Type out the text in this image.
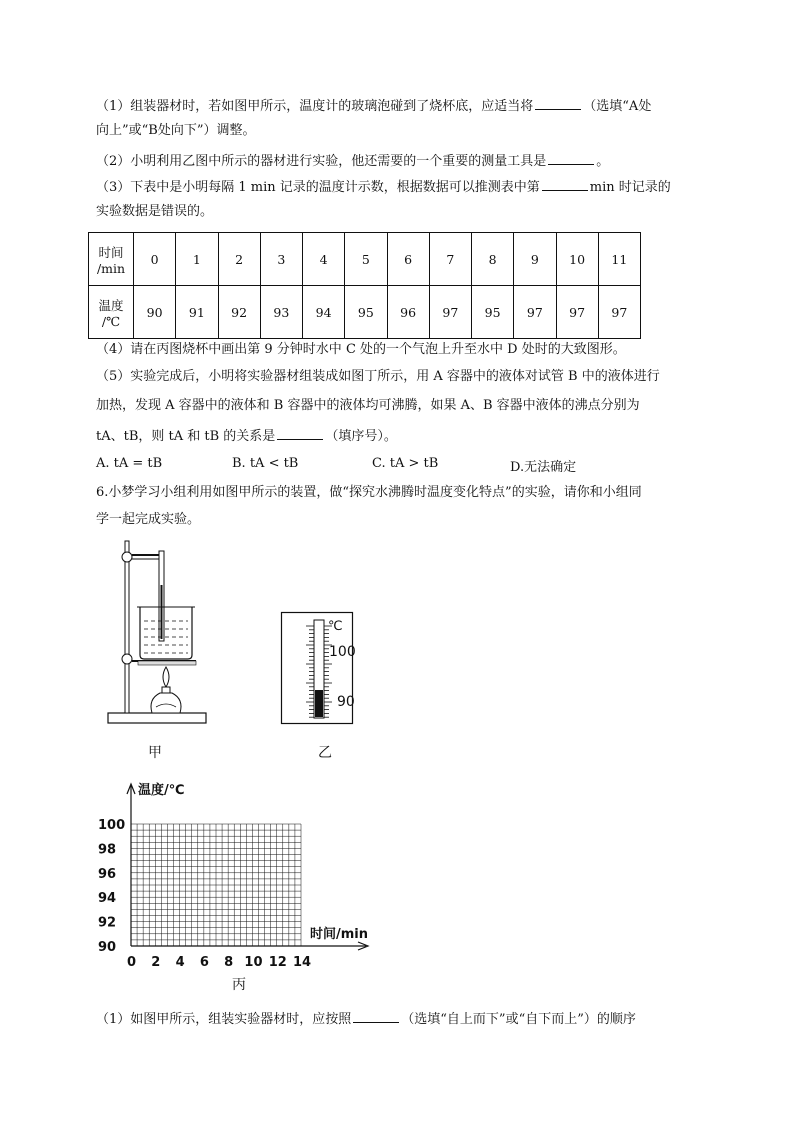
（1）组装器材时，若如图甲所示，温度计的玻璃泡碰到了烧杯底，应适当将	（选填“A处
向上”或“B处向下”）调整。
（2）小明利用乙图中所示的器材进行实验，他还需要的一个重要的测量工具是	。
（3）下表中是小明每隔 1 min 记录的温度计示数，根据数据可以推测表中第	min 时记录的
实验数据是错误的。
时间
/min	0	1	2	3	4	5	6	7	8	9	10	11
温度
/℃	90	91	92	93	94	95	96	97	95	97	97	97
（4）请在丙图烧杯中画出第 9 分钟时水中 C 处的一个气泡上升至水中 D 处时的大致图形。
（5）实验完成后，小明将实验器材组装成如图丁所示，用 A 容器中的液体对试管 B 中的液体进行
加热，发现 A 容器中的液体和 B 容器中的液体均可沸腾，如果 A、B 容器中液体的沸点分别为
tA、tB，则 tA 和 tB 的关系是	（填序号）。
A. tA = tB	B. tA < tB	C. tA > tB	D.无法确定
6.小梦学习小组利用如图甲所示的装置，做“探究水沸腾时温度变化特点”的实验，请你和小组同
学一起完成实验。
甲
℃
100
90
乙
温度/℃
时间/min
100
98
96
94
92
90
0 2 4 6 8 10 12 14
丙
（1）如图甲所示，组装实验器材时，应按照	（选填“自上而下”或“自下而上”）的顺序
